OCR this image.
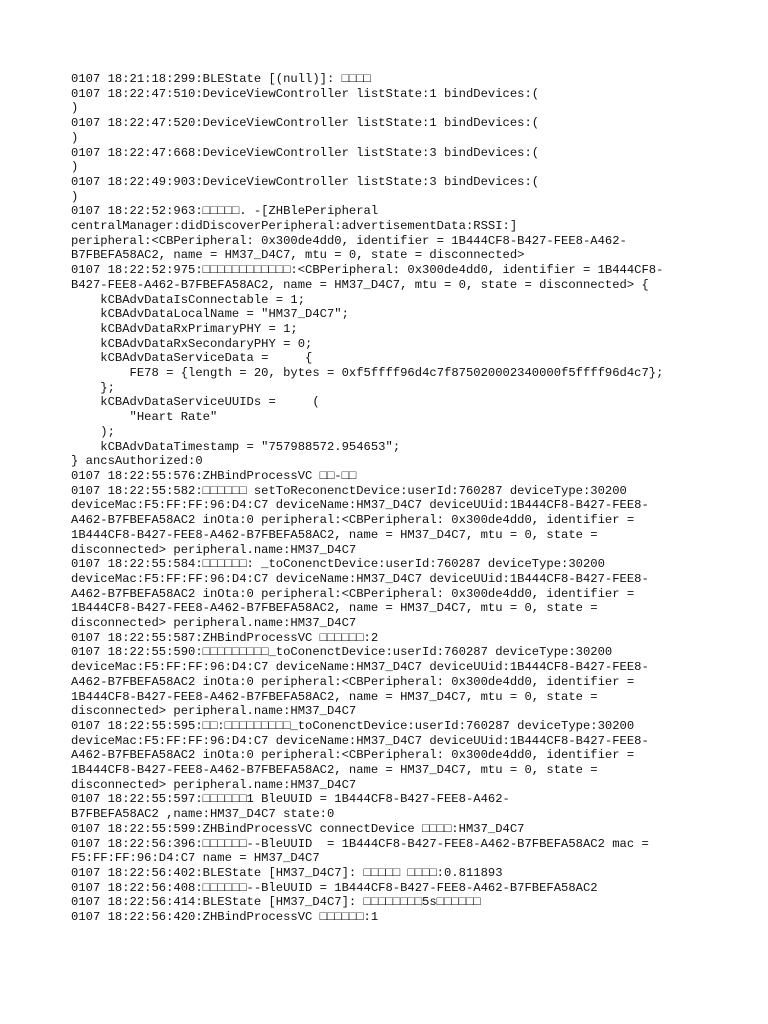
0107 18:21:18:299:BLEState [(null)]: □□□□
0107 18:22:47:510:DeviceViewController listState:1 bindDevices:(
)
0107 18:22:47:520:DeviceViewController listState:1 bindDevices:(
)
0107 18:22:47:668:DeviceViewController listState:3 bindDevices:(
)
0107 18:22:49:903:DeviceViewController listState:3 bindDevices:(
)
0107 18:22:52:963:□□□□□. -[ZHBlePeripheral
centralManager:didDiscoverPeripheral:advertisementData:RSSI:]
peripheral:<CBPeripheral: 0x300de4dd0, identifier = 1B444CF8-B427-FEE8-A462-
B7FBEFA58AC2, name = HM37_D4C7, mtu = 0, state = disconnected>
0107 18:22:52:975:□□□□□□□□□□□□:<CBPeripheral: 0x300de4dd0, identifier = 1B444CF8-
B427-FEE8-A462-B7FBEFA58AC2, name = HM37_D4C7, mtu = 0, state = disconnected> {
kCBAdvDataIsConnectable = 1;
kCBAdvDataLocalName = "HM37_D4C7";
kCBAdvDataRxPrimaryPHY = 1;
kCBAdvDataRxSecondaryPHY = 0;
kCBAdvDataServiceData =     {
FE78 = {length = 20, bytes = 0xf5ffff96d4c7f875020002340000f5ffff96d4c7};
};
kCBAdvDataServiceUUIDs =     (
"Heart Rate"
);
kCBAdvDataTimestamp = "757988572.954653";
} ancsAuthorized:0
0107 18:22:55:576:ZHBindProcessVC □□-□□
0107 18:22:55:582:□□□□□□ setToReconenctDevice:userId:760287 deviceType:30200
deviceMac:F5:FF:FF:96:D4:C7 deviceName:HM37_D4C7 deviceUUid:1B444CF8-B427-FEE8-
A462-B7FBEFA58AC2 inOta:0 peripheral:<CBPeripheral: 0x300de4dd0, identifier =
1B444CF8-B427-FEE8-A462-B7FBEFA58AC2, name = HM37_D4C7, mtu = 0, state =
disconnected> peripheral.name:HM37_D4C7
0107 18:22:55:584:□□□□□□: _toConenctDevice:userId:760287 deviceType:30200
deviceMac:F5:FF:FF:96:D4:C7 deviceName:HM37_D4C7 deviceUUid:1B444CF8-B427-FEE8-
A462-B7FBEFA58AC2 inOta:0 peripheral:<CBPeripheral: 0x300de4dd0, identifier =
1B444CF8-B427-FEE8-A462-B7FBEFA58AC2, name = HM37_D4C7, mtu = 0, state =
disconnected> peripheral.name:HM37_D4C7
0107 18:22:55:587:ZHBindProcessVC □□□□□□:2
0107 18:22:55:590:□□□□□□□□□_toConenctDevice:userId:760287 deviceType:30200
deviceMac:F5:FF:FF:96:D4:C7 deviceName:HM37_D4C7 deviceUUid:1B444CF8-B427-FEE8-
A462-B7FBEFA58AC2 inOta:0 peripheral:<CBPeripheral: 0x300de4dd0, identifier =
1B444CF8-B427-FEE8-A462-B7FBEFA58AC2, name = HM37_D4C7, mtu = 0, state =
disconnected> peripheral.name:HM37_D4C7
0107 18:22:55:595:□□:□□□□□□□□□_toConenctDevice:userId:760287 deviceType:30200
deviceMac:F5:FF:FF:96:D4:C7 deviceName:HM37_D4C7 deviceUUid:1B444CF8-B427-FEE8-
A462-B7FBEFA58AC2 inOta:0 peripheral:<CBPeripheral: 0x300de4dd0, identifier =
1B444CF8-B427-FEE8-A462-B7FBEFA58AC2, name = HM37_D4C7, mtu = 0, state =
disconnected> peripheral.name:HM37_D4C7
0107 18:22:55:597:□□□□□□1 BleUUID = 1B444CF8-B427-FEE8-A462-
B7FBEFA58AC2 ,name:HM37_D4C7 state:0
0107 18:22:55:599:ZHBindProcessVC connectDevice □□□□:HM37_D4C7
0107 18:22:56:396:□□□□□□--BleUUID  = 1B444CF8-B427-FEE8-A462-B7FBEFA58AC2 mac =
F5:FF:FF:96:D4:C7 name = HM37_D4C7
0107 18:22:56:402:BLEState [HM37_D4C7]: □□□□□ □□□□:0.811893
0107 18:22:56:408:□□□□□□--BleUUID = 1B444CF8-B427-FEE8-A462-B7FBEFA58AC2
0107 18:22:56:414:BLEState [HM37_D4C7]: □□□□□□□□5s□□□□□□
0107 18:22:56:420:ZHBindProcessVC □□□□□□:1
